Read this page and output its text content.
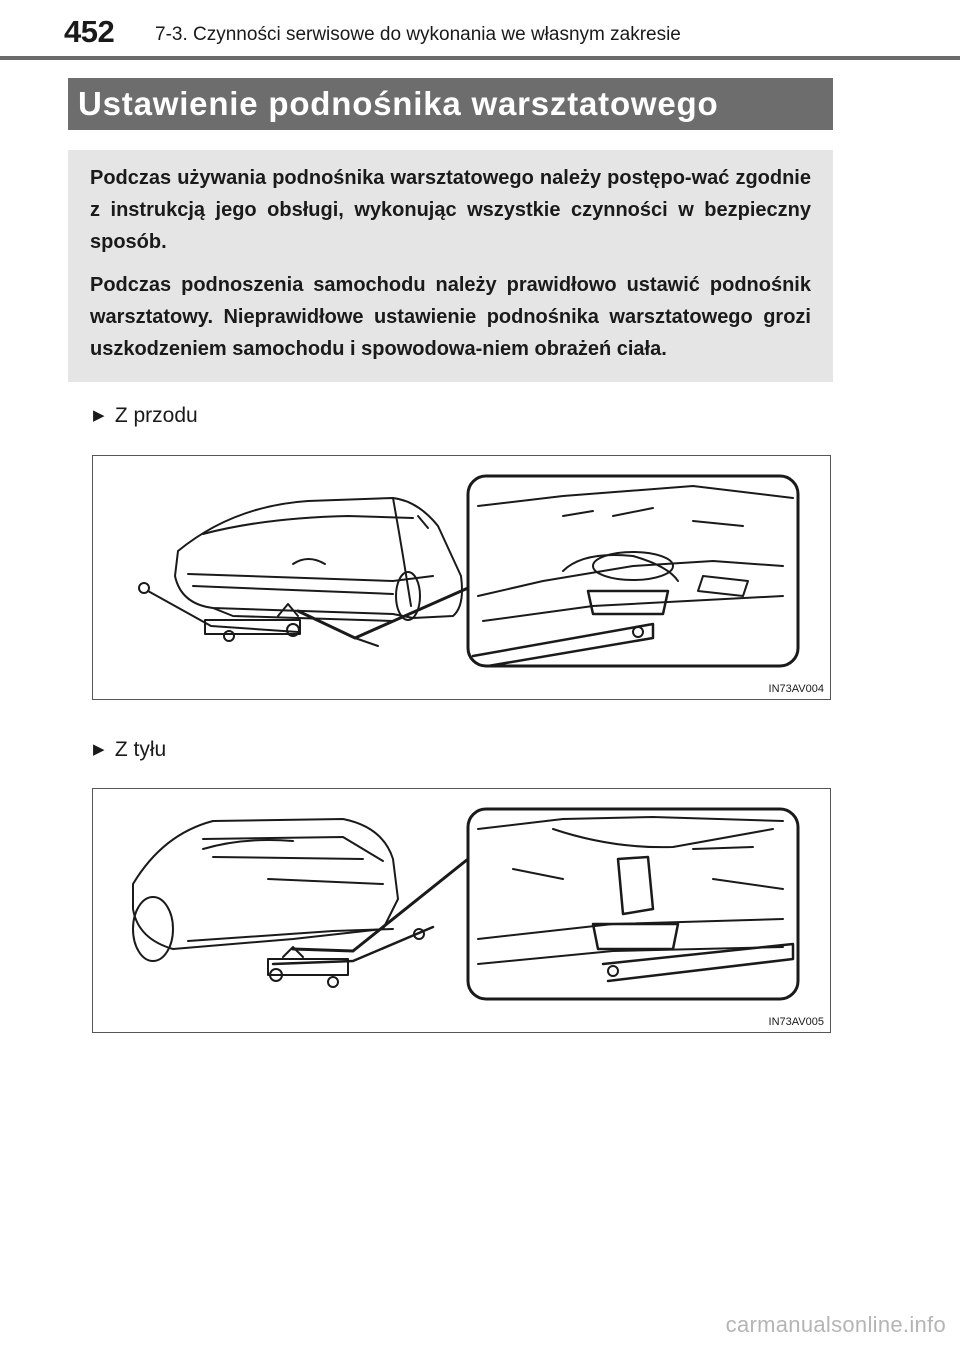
452 7-3. Czynności serwisowe do wykonania we własnym zakresie
Ustawienie podnośnika warsztatowego

Podczas używania podnośnika warsztatowego należy postępo-wać zgodnie z instrukcją jego obsługi, wykonując wszystkie czynności w bezpieczny sposób.

Podczas podnoszenia samochodu należy prawidłowo ustawić podnośnik warsztatowy. Nieprawidłowe ustawienie podnośnika warsztatowego grozi uszkodzeniem samochodu i spowodowa-niem obrażeń ciała.

▶ Z przodu
IN73AV004
▶ Z tyłu
IN73AV005
carmanualsonline.info
